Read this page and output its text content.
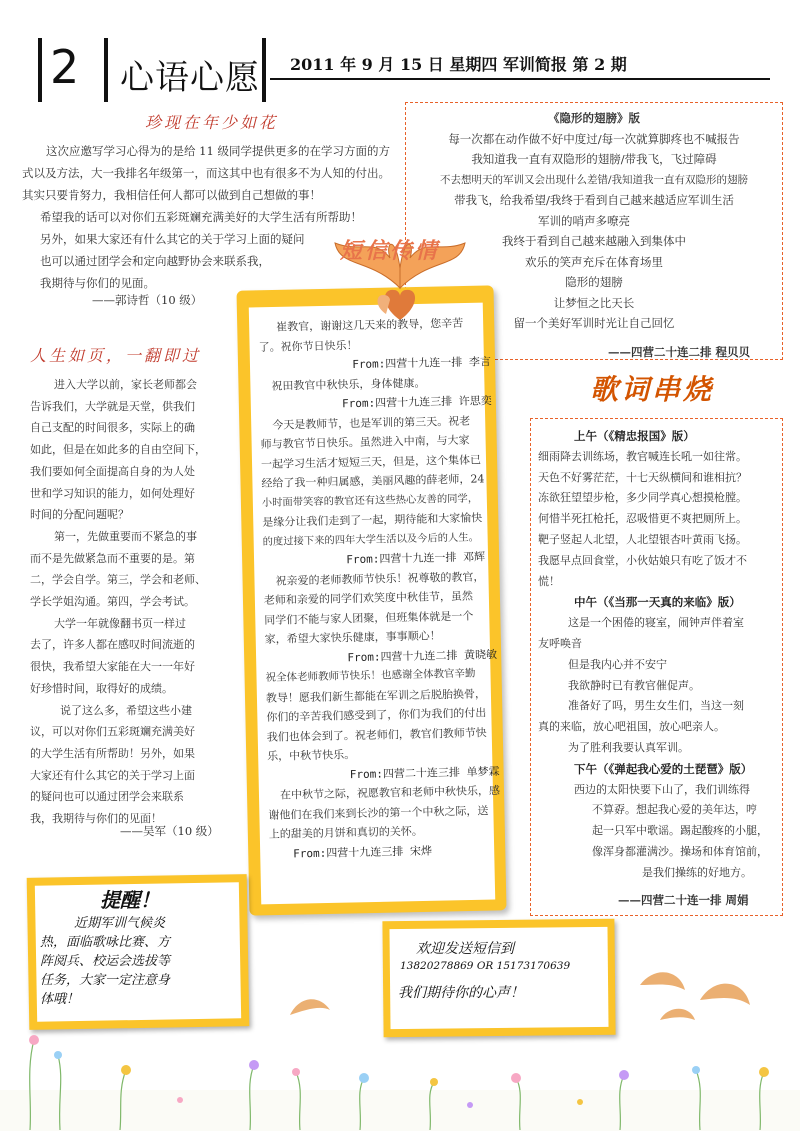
2 心语心愿 2011 年 9 月 15 日 星期四 军训简报 第 2 期
珍现在年少如花
这次应邀写学习心得为的是给 11 级同学提供更多的在学习方面的方
式以及方法，大一我排名年级第一，而这其中也有很多不为人知的付出。
其实只要肯努力，我相信任何人都可以做到自己想做的事！
希望我的话可以对你们五彩斑斓充满美好的大学生活有所帮助！
另外，如果大家还有什么其它的关于学习上面的疑问
也可以通过团学会和定向越野协会来联系我，
我期待与你们的见面。
——郭诗哲（10 级）
《隐形的翅膀》版
每一次都在动作做不好中度过/每一次就算脚疼也不喊报告
我知道我一直有双隐形的翅膀/带我飞，飞过障碍
不去想明天的军训又会出现什么差错/我知道我一直有双隐形的翅膀
带我飞，给我希望/我终于看到自己越来越适应军训生活
军训的哨声多嘹亮
我终于看到自己越来越融入到集体中
欢乐的笑声充斥在体育场里
隐形的翅膀
让梦恒之比天长
留一个美好军训时光让自己回忆
——四营二十连二排 程贝贝
人生如页，一翻即过
进入大学以前，家长老师都会
告诉我们，大学就是天堂，供我们
自己支配的时间很多，实际上的确
如此，但是在如此多的自由空间下，
我们要如何全面提高自身的为人处
世和学习知识的能力，如何处理好
时间的分配问题呢？
第一，先做重要而不紧急的事
而不是先做紧急而不重要的是。第
二，学会自学。第三，学会和老师、
学长学姐沟通。第四，学会考试。
大学一年就像翻书页一样过
去了，许多人都在感叹时间流逝的
很快，我希望大家能在大一一年好
好珍惜时间，取得好的成绩。
说了这么多，希望这些小建
议，可以对你们五彩斑斓充满美好
的大学生活有所帮助！另外，如果
大家还有什么其它的关于学习上面
的疑问也可以通过团学会来联系
我，我期待与你们的见面！
——吴军（10 级）
短信传情
崔教官，谢谢这几天来的教导，您辛苦
了。祝你节日快乐！
From:四营十九连一排 李言
祝田教官中秋快乐，身体健康。
From:四营十九连三排 许思奕
今天是教师节，也是军训的第三天。祝老
师与教官节日快乐。虽然进入中南，与大家
一起学习生活才短短三天，但是，这个集体已
经给了我一种归属感，美丽风趣的薛老师，24
小时面带笑容的教官还有这些热心友善的同学，
是缘分让我们走到了一起，期待能和大家愉快
的度过接下来的四年大学生活以及今后的人生。
From:四营十九连一排 邓辉
祝亲爱的老师教师节快乐！祝尊敬的教官，
老师和亲爱的同学们欢笑度中秋佳节，虽然
同学们不能与家人团聚，但班集体就是一个
家，希望大家快乐健康，事事顺心！
From:四营十九连二排 黄晓敏
祝全体老师教师节快乐！也感谢全体教官辛勤
教导！愿我们新生都能在军训之后脱胎换骨，
你们的辛苦我们感受到了，你们为我们的付出
我们也体会到了。祝老师们，教官们教师节快
乐，中秋节快乐。
From:四营二十连三排 单梦霖
在中秋节之际，祝愿教官和老师中秋快乐，感
谢他们在我们来到长沙的第一个中秋之际，送
上的甜美的月饼和真切的关怀。
From:四营十九连三排 宋烨
歌词串烧
上午（《精忠报国》版）
细雨降去训练场，教官喊连长吼一如往常。
天色不好雾茫茫，十七天纵横间和谁相抗？
冻欲狂望望步枪，多少同学真心想摸枪膛。
何惜半死扛枪托，忍吸惜更不爽把厕所上。
靶子竖起人北望，人北望银杏叶黄雨飞扬。
我愿早点回食堂，小伙姑娘只有吃了饭才不
慌！
中午（《当那一天真的来临》版）
这是一个困倦的寝室，闹钟声伴着室
友呼唤音
但是我内心并不安宁
我欲静时已有教官催促声。
准备好了吗，男生女生们，当这一刻
真的来临，放心吧祖国，放心吧亲人。
为了胜利我要认真军训。
下午（《弹起我心爱的土琵琶》版）
西边的太阳快要下山了，我们训练得
不算孬。想起我心爱的美年达，哼
起一只军中歌谣。踢起酸疼的小腿，
像浑身都灌满沙。操场和体育馆前，
是我们操练的好地方。
——四营二十连一排 周娟
提醒！
近期军训气候炎
热，面临歌咏比赛、方
阵阅兵、校运会选拔等
任务，大家一定注意身
体哦！
欢迎发送短信到
13820278869 OR 15173170639
我们期待你的心声！
